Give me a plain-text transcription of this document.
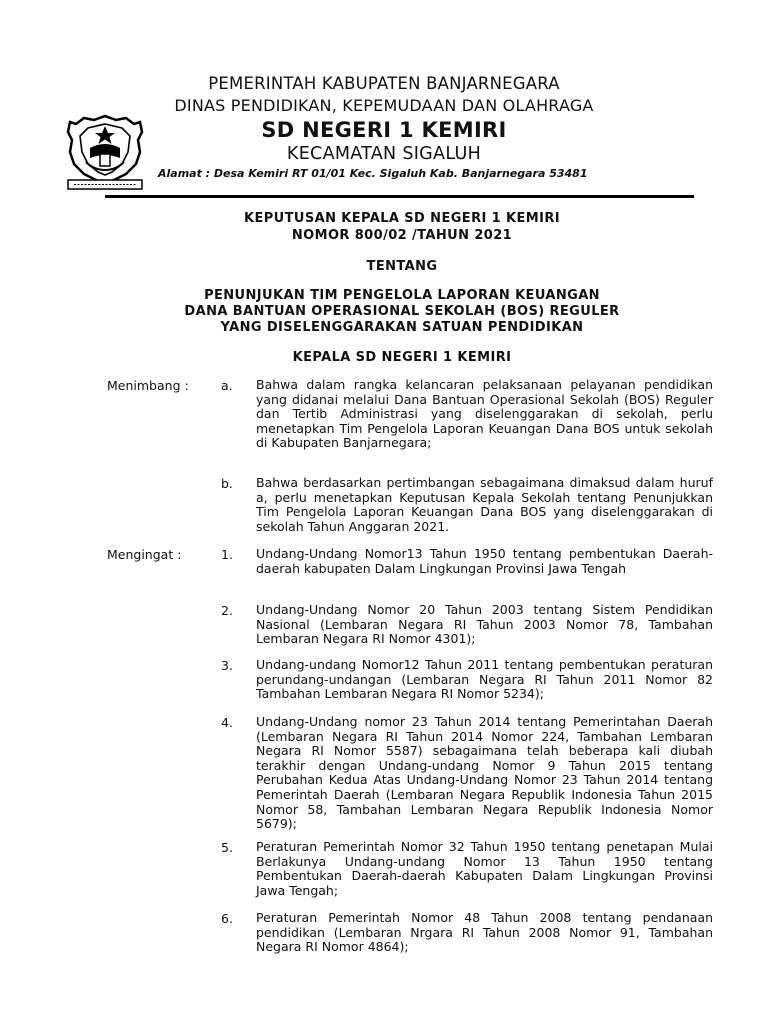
PEMERINTAH KABUPATEN BANJARNEGARA
DINAS PENDIDIKAN, KEPEMUDAAN DAN OLAHRAGA
SD NEGERI 1 KEMIRI
KECAMATAN SIGALUH
Alamat : Desa Kemiri RT 01/01 Kec. Sigaluh Kab. Banjarnegara 53481
KEPUTUSAN KEPALA SD NEGERI 1 KEMIRI
NOMOR 800/02 /TAHUN 2021
TENTANG
PENUNJUKAN TIM PENGELOLA LAPORAN KEUANGAN
DANA BANTUAN OPERASIONAL SEKOLAH (BOS) REGULER
YANG DISELENGGARAKAN SATUAN PENDIDIKAN
KEPALA SD NEGERI 1 KEMIRI
Menimbang :	a. Bahwa dalam rangka kelancaran pelaksanaan pelayanan pendidikan yang didanai melalui Dana Bantuan Operasional Sekolah (BOS) Reguler dan Tertib Administrasi yang diselenggarakan di sekolah, perlu menetapkan Tim Pengelola Laporan Keuangan Dana BOS untuk sekolah di Kabupaten Banjarnegara;
b. Bahwa berdasarkan pertimbangan sebagaimana dimaksud dalam huruf a, perlu menetapkan Keputusan Kepala Sekolah tentang Penunjukkan Tim Pengelola Laporan Keuangan Dana BOS yang diselenggarakan di sekolah Tahun Anggaran 2021.
Mengingat :	1. Undang-Undang Nomor13 Tahun 1950 tentang pembentukan Daerah-daerah kabupaten Dalam Lingkungan Provinsi Jawa Tengah
2. Undang-Undang Nomor 20 Tahun 2003 tentang Sistem Pendidikan Nasional (Lembaran Negara RI Tahun 2003 Nomor 78, Tambahan Lembaran Negara RI Nomor 4301);
3. Undang-undang Nomor12 Tahun 2011 tentang pembentukan peraturan perundang-undangan (Lembaran Negara RI Tahun 2011 Nomor 82 Tambahan Lembaran Negara RI Nomor 5234);
4. Undang-Undang nomor 23 Tahun 2014 tentang Pemerintahan Daerah (Lembaran Negara RI Tahun 2014 Nomor 224, Tambahan Lembaran Negara RI Nomor 5587) sebagaimana telah beberapa kali diubah terakhir dengan Undang-undang Nomor 9 Tahun 2015 tentang Perubahan Kedua Atas Undang-Undang Nomor 23 Tahun 2014 tentang Pemerintah Daerah (Lembaran Negara Republik Indonesia Tahun 2015 Nomor 58, Tambahan Lembaran Negara Republik Indonesia Nomor 5679);
5. Peraturan Pemerintah Nomor 32 Tahun 1950 tentang penetapan Mulai Berlakunya Undang-undang Nomor 13 Tahun 1950 tentang Pembentukan Daerah-daerah Kabupaten Dalam Lingkungan Provinsi Jawa Tengah;
6. Peraturan Pemerintah Nomor 48 Tahun 2008 tentang pendanaan pendidikan (Lembaran Nrgara RI Tahun 2008 Nomor 91, Tambahan Negara RI Nomor 4864);
